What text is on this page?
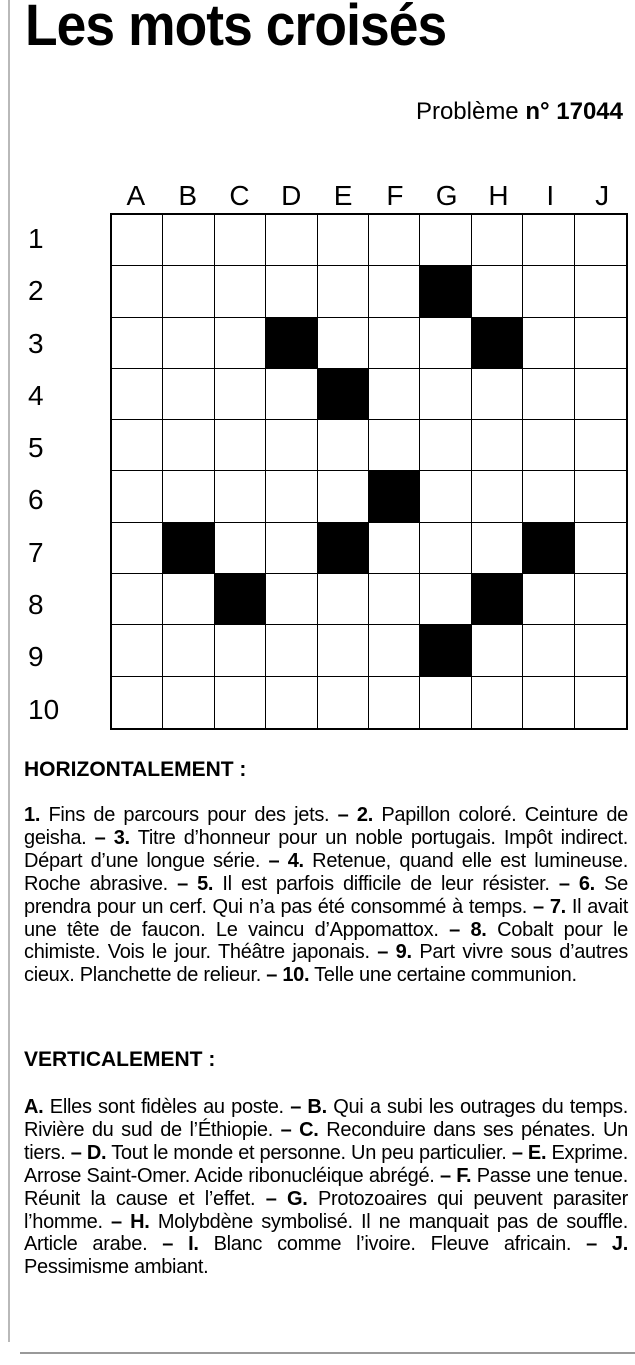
Les mots croisés
Problème n° 17044
A	B	C	D	E	F	G	H	I	J
1
2
3
4
5
6
7
8
9
10
HORIZONTALEMENT :
1. Fins de parcours pour des jets. – 2. Papillon coloré. Ceinture de geisha. – 3. Titre d’honneur pour un noble portugais. Impôt indirect. Départ d’une longue série. – 4. Retenue, quand elle est lumineuse. Roche abrasive. – 5. Il est parfois difficile de leur résister. – 6. Se prendra pour un cerf. Qui n’a pas été consommé à temps. – 7. Il avait une tête de faucon. Le vaincu d’Appomattox. – 8. Cobalt pour le chimiste. Vois le jour. Théâtre japonais. – 9. Part vivre sous d’autres cieux. Planchette de relieur. – 10. Telle une certaine communion.
VERTICALEMENT :
A. Elles sont fidèles au poste. – B. Qui a subi les outrages du temps. Rivière du sud de l’Éthiopie. – C. Reconduire dans ses pénates. Un tiers. – D. Tout le monde et personne. Un peu particulier. – E. Exprime. Arrose Saint-Omer. Acide ribonucléique abrégé. – F. Passe une tenue. Réunit la cause et l’effet. – G. Protozoaires qui peuvent parasiter l’homme. – H. Molybdène symbolisé. Il ne manquait pas de souffle. Article arabe. – I. Blanc comme l’ivoire. Fleuve africain. – J. Pessimisme ambiant.
